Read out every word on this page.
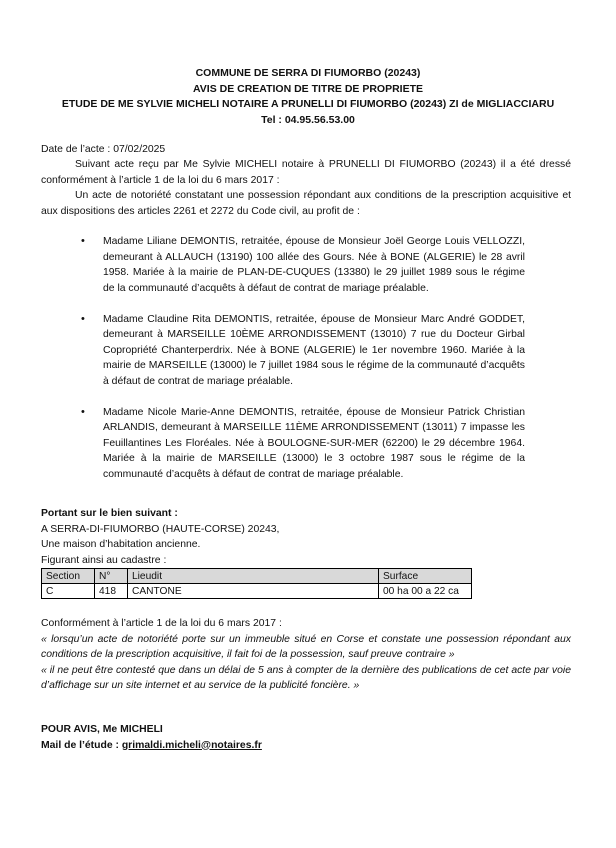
COMMUNE DE SERRA DI FIUMORBO (20243)
AVIS DE CREATION DE TITRE DE PROPRIETE
ETUDE DE ME SYLVIE MICHELI NOTAIRE A PRUNELLI DI FIUMORBO (20243) ZI de MIGLIACCIARU
Tel : 04.95.56.53.00
Date de l’acte : 07/02/2025
Suivant acte reçu par Me Sylvie MICHELI notaire à PRUNELLI DI FIUMORBO (20243) il a été dressé conformément à l’article 1 de la loi du 6 mars 2017 :
Un acte de notoriété constatant une possession répondant aux conditions de la prescription acquisitive et aux dispositions des articles 2261 et 2272 du Code civil, au profit de :
• Madame Liliane DEMONTIS, retraitée, épouse de Monsieur Joël George Louis VELLOZZI, demeurant à ALLAUCH (13190) 100 allée des Gours. Née à BONE (ALGERIE) le 28 avril 1958. Mariée à la mairie de PLAN-DE-CUQUES (13380) le 29 juillet 1989 sous le régime de la communauté d’acquêts à défaut de contrat de mariage préalable.
• Madame Claudine Rita DEMONTIS, retraitée, épouse de Monsieur Marc André GODDET, demeurant à MARSEILLE 10ÈME ARRONDISSEMENT (13010) 7 rue du Docteur Girbal Copropriété Chanterperdrix. Née à BONE (ALGERIE) le 1er novembre 1960. Mariée à la mairie de MARSEILLE (13000) le 7 juillet 1984 sous le régime de la communauté d’acquêts à défaut de contrat de mariage préalable.
• Madame Nicole Marie-Anne DEMONTIS, retraitée, épouse de Monsieur Patrick Christian ARLANDIS, demeurant à MARSEILLE 11ÈME ARRONDISSEMENT (13011) 7 impasse les Feuillantines Les Floréales. Née à BOULOGNE-SUR-MER (62200) le 29 décembre 1964. Mariée à la mairie de MARSEILLE (13000) le 3 octobre 1987 sous le régime de la communauté d’acquêts à défaut de contrat de mariage préalable.
Portant sur le bien suivant :
A SERRA-DI-FIUMORBO (HAUTE-CORSE) 20243,
Une maison d’habitation ancienne.
Figurant ainsi au cadastre :
Section	N°	Lieudit	Surface
C	418	CANTONE	00 ha 00 a 22 ca
Conformément à l’article 1 de la loi du 6 mars 2017 :
« lorsqu’un acte de notoriété porte sur un immeuble situé en Corse et constate une possession répondant aux conditions de la prescription acquisitive, il fait foi de la possession, sauf preuve contraire »
« il ne peut être contesté que dans un délai de 5 ans à compter de la dernière des publications de cet acte par voie d’affichage sur un site internet et au service de la publicité foncière. »
POUR AVIS, Me MICHELI
Mail de l’étude : grimaldi.micheli@notaires.fr
